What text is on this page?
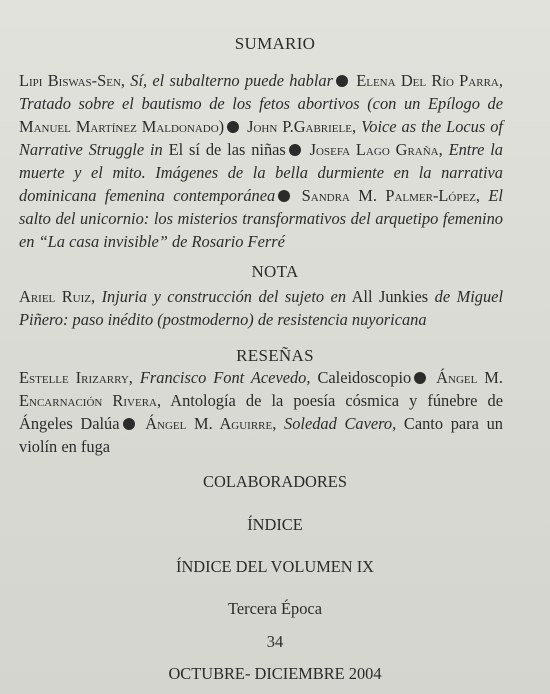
SUMARIO
Lipi Biswas-Sen, Sí, el subalterno puede hablar Elena Del Río Parra, Tratado sobre el bautismo de los fetos abortivos (con un Epílogo de Manuel Martínez Maldonado) John P.Gabriele, Voice as the Locus of Narrative Struggle in El sí de las niñas Josefa Lago Graña, Entre la muerte y el mito. Imágenes de la bella durmiente en la narrativa dominicana femenina contemporánea Sandra M. Palmer-López, El salto del unicornio: los misterios transformativos del arquetipo femenino en “La casa invisible” de Rosario Ferré
NOTA
Ariel Ruiz, Injuria y construcción del sujeto en All Junkies de Miguel Piñero: paso inédito (postmoderno) de resistencia nuyoricana
RESEÑAS
Estelle Irizarry, Francisco Font Acevedo, Caleidoscopio Ángel M. Encarnación Rivera, Antología de la poesía cósmica y fúnebre de Ángeles Dalúa Ángel M. Aguirre, Soledad Cavero, Canto para un violín en fuga
COLABORADORES
ÍNDICE
ÍNDICE DEL VOLUMEN IX
Tercera Época
34
OCTUBRE- DICIEMBRE 2004
